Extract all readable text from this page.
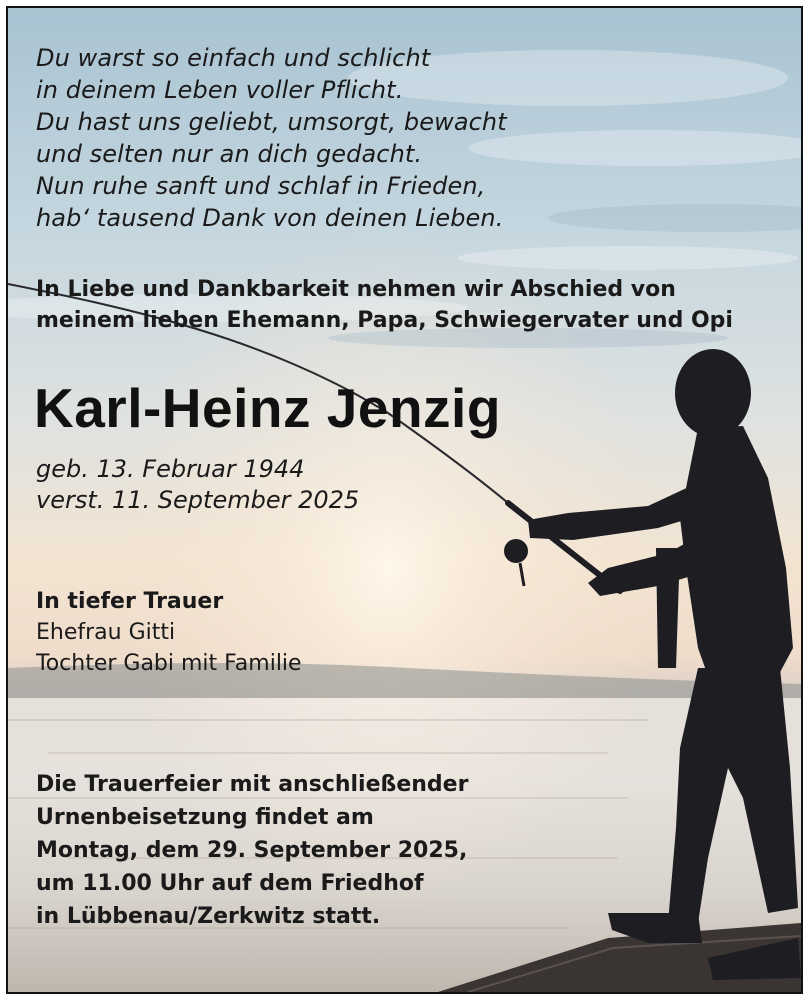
Du warst so einfach und schlicht
in deinem Leben voller Pflicht.
Du hast uns geliebt, umsorgt, bewacht
und selten nur an dich gedacht.
Nun ruhe sanft und schlaf in Frieden,
hab‘ tausend Dank von deinen Lieben.
In Liebe und Dankbarkeit nehmen wir Abschied von
meinem lieben Ehemann, Papa, Schwiegervater und Opi
Karl-Heinz Jenzig
geb. 13. Februar 1944
verst. 11. September 2025
In tiefer Trauer
Ehefrau Gitti
Tochter Gabi mit Familie
Die Trauerfeier mit anschließender
Urnenbeisetzung findet am
Montag, dem 29. September 2025,
um 11.00 Uhr auf dem Friedhof
in Lübbenau/Zerkwitz statt.
